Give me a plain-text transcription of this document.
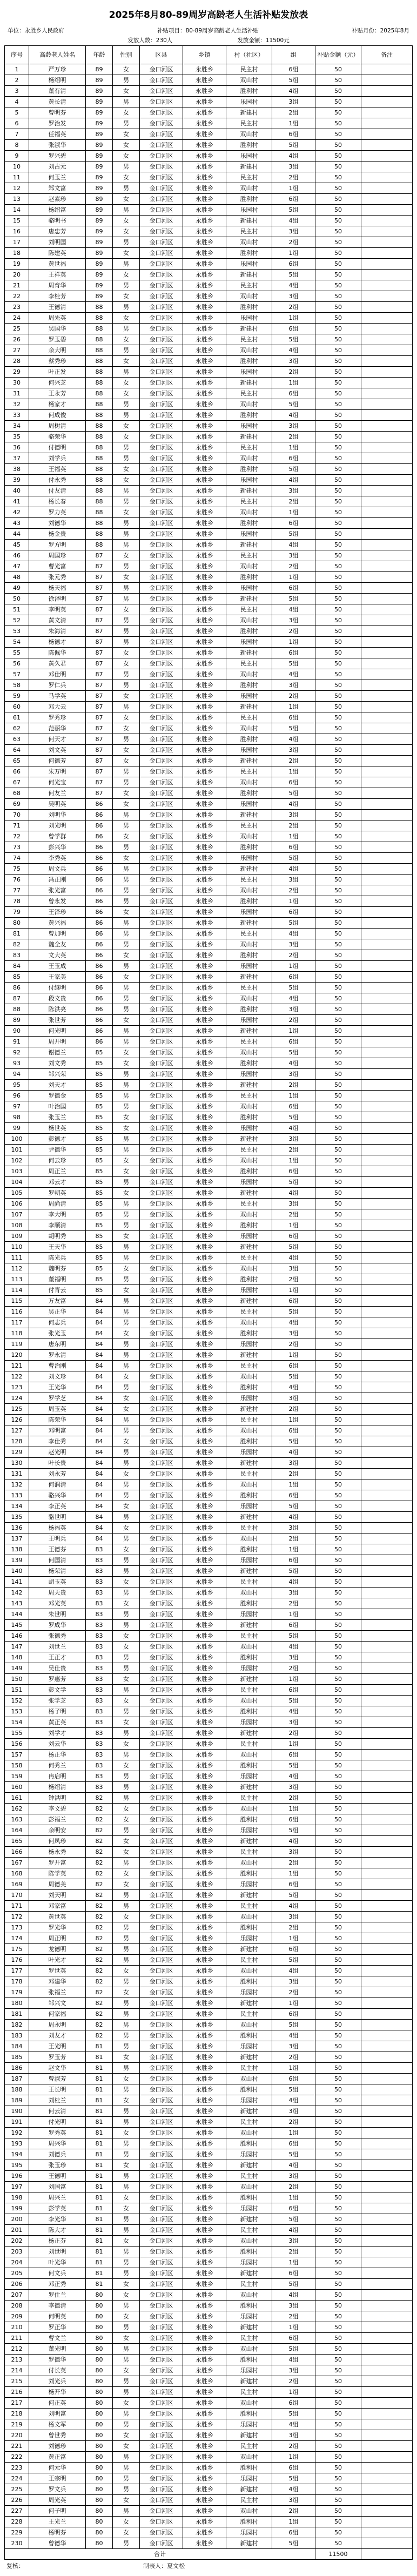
2025年8月80-89周岁高龄老人生活补贴发放表
单位：永胜乡人民政府	补贴项目：80-89周岁高龄老人生活补贴	补贴月份：2025年8月
发放人数：230人	发放金额：11500元
序号	高龄老人姓名	年龄	性别	区县	乡镇	村（社区）	组	补贴金额（元）	备注
1	严万珍	89	女	金口河区	永胜乡	民主村	6组	50
2	杨绍明	89	男	金口河区	永胜乡	双山村	5组	50
3	董有清	89	女	金口河区	永胜乡	胜利村	4组	50
4	黄长清	89	男	金口河区	永胜乡	乐园村	3组	50
5	曾明芬	89	女	金口河区	永胜乡	新建村	2组	50
6	罗治发	89	男	金口河区	永胜乡	民主村	1组	50
7	任福英	89	女	金口河区	永胜乡	双山村	6组	50
8	张淑华	89	女	金口河区	永胜乡	胜利村	5组	50
9	罗兴碧	89	女	金口河区	永胜乡	乐园村	4组	50
10	刘占元	89	男	金口河区	永胜乡	新建村	3组	50
11	何玉兰	89	女	金口河区	永胜乡	民主村	2组	50
12	郑文富	89	男	金口河区	永胜乡	双山村	1组	50
13	赵素珍	89	女	金口河区	永胜乡	胜利村	6组	50
14	杨绍富	89	男	金口河区	永胜乡	乐园村	5组	50
15	骆明书	89	女	金口河区	永胜乡	新建村	4组	50
16	唐忠芳	89	女	金口河区	永胜乡	民主村	3组	50
17	刘明国	89	男	金口河区	永胜乡	双山村	2组	50
18	陈建英	89	女	金口河区	永胜乡	胜利村	1组	50
19	黄世福	89	男	金口河区	永胜乡	乐园村	6组	50
20	王祥英	89	女	金口河区	永胜乡	新建村	5组	50
21	周育华	89	男	金口河区	永胜乡	民主村	4组	50
22	李桂芳	89	女	金口河区	永胜乡	双山村	3组	50
23	王德清	88	男	金口河区	永胜乡	胜利村	2组	50
24	周先英	88	女	金口河区	永胜乡	乐园村	1组	50
25	吴国华	88	男	金口河区	永胜乡	新建村	6组	50
26	罗玉碧	88	女	金口河区	永胜乡	民主村	5组	50
27	余大明	88	男	金口河区	永胜乡	双山村	4组	50
28	蔡秀珍	88	女	金口河区	永胜乡	胜利村	3组	50
29	叶正发	88	男	金口河区	永胜乡	乐园村	2组	50
30	何兴芝	88	女	金口河区	永胜乡	新建村	1组	50
31	王永芳	88	女	金口河区	永胜乡	民主村	6组	50
32	杨家才	88	男	金口河区	永胜乡	双山村	5组	50
33	何成俊	88	男	金口河区	永胜乡	胜利村	4组	50
34	周树清	88	女	金口河区	永胜乡	乐园村	3组	50
35	骆荣华	88	女	金口河区	永胜乡	新建村	2组	50
36	付德明	88	男	金口河区	永胜乡	民主村	1组	50
37	刘学兵	88	男	金口河区	永胜乡	双山村	6组	50
38	王福英	88	女	金口河区	永胜乡	胜利村	5组	50
39	付永秀	88	女	金口河区	永胜乡	乐园村	4组	50
40	付友清	88	男	金口河区	永胜乡	新建村	3组	50
41	杨长春	88	男	金口河区	永胜乡	民主村	2组	50
42	罗力英	88	女	金口河区	永胜乡	双山村	1组	50
43	刘德华	88	男	金口河区	永胜乡	胜利村	6组	50
44	杨金贵	88	男	金口河区	永胜乡	乐园村	5组	50
45	罗方明	88	男	金口河区	永胜乡	新建村	4组	50
46	周国珍	87	女	金口河区	永胜乡	民主村	3组	50
47	曹光富	87	男	金口河区	永胜乡	双山村	2组	50
48	张元秀	87	女	金口河区	永胜乡	胜利村	1组	50
49	杨天福	87	男	金口河区	永胜乡	乐园村	6组	50
50	徐泽明	87	男	金口河区	永胜乡	新建村	5组	50
51	李明英	87	女	金口河区	永胜乡	民主村	4组	50
52	黄文清	87	男	金口河区	永胜乡	双山村	3组	50
53	朱海清	87	男	金口河区	永胜乡	胜利村	2组	50
54	杨德才	87	男	金口河区	永胜乡	乐园村	1组	50
55	陈佩华	87	女	金口河区	永胜乡	新建村	6组	50
56	黄久君	87	女	金口河区	永胜乡	民主村	5组	50
57	邓仕明	87	男	金口河区	永胜乡	双山村	4组	50
58	罗仁兵	87	男	金口河区	永胜乡	胜利村	3组	50
59	马学英	87	女	金口河区	永胜乡	乐园村	2组	50
60	邓大云	87	男	金口河区	永胜乡	新建村	1组	50
61	罗秀珍	87	女	金口河区	永胜乡	民主村	6组	50
62	范丽华	87	女	金口河区	永胜乡	双山村	5组	50
63	何天才	87	男	金口河区	永胜乡	胜利村	4组	50
64	刘文英	87	女	金口河区	永胜乡	乐园村	3组	50
65	何德芳	87	女	金口河区	永胜乡	新建村	2组	50
66	朱万明	87	男	金口河区	永胜乡	民主村	1组	50
67	何光宝	87	男	金口河区	永胜乡	双山村	6组	50
68	何友兰	87	女	金口河区	永胜乡	胜利村	5组	50
69	吴明英	86	女	金口河区	永胜乡	乐园村	4组	50
70	刘明华	86	男	金口河区	永胜乡	新建村	3组	50
71	刘光明	86	男	金口河区	永胜乡	民主村	2组	50
72	曾学群	86	女	金口河区	永胜乡	双山村	1组	50
73	彭兴华	86	男	金口河区	永胜乡	胜利村	6组	50
74	李秀英	86	女	金口河区	永胜乡	乐园村	5组	50
75	周文兵	86	男	金口河区	永胜乡	新建村	4组	50
76	冯正刚	86	男	金口河区	永胜乡	民主村	3组	50
77	张光富	86	男	金口河区	永胜乡	双山村	2组	50
78	曾永发	86	男	金口河区	永胜乡	胜利村	1组	50
79	王泽珍	86	女	金口河区	永胜乡	乐园村	6组	50
80	黄兴福	86	男	金口河区	永胜乡	新建村	5组	50
81	曾加明	86	男	金口河区	永胜乡	民主村	4组	50
82	魏全友	86	男	金口河区	永胜乡	双山村	3组	50
83	文大英	86	女	金口河区	永胜乡	胜利村	2组	50
84	王玉成	86	男	金口河区	永胜乡	乐园村	1组	50
85	王家美	86	女	金口河区	永胜乡	新建村	6组	50
86	付继明	86	男	金口河区	永胜乡	民主村	5组	50
87	段文贵	86	男	金口河区	永胜乡	双山村	4组	50
88	陈洪亮	86	男	金口河区	永胜乡	胜利村	3组	50
89	张世芳	86	女	金口河区	永胜乡	乐园村	2组	50
90	何光明	86	男	金口河区	永胜乡	新建村	1组	50
91	周开明	86	男	金口河区	永胜乡	民主村	6组	50
92	谢德兰	85	女	金口河区	永胜乡	双山村	5组	50
93	刘文秀	85	女	金口河区	永胜乡	胜利村	4组	50
94	邹兴荣	85	男	金口河区	永胜乡	乐园村	3组	50
95	刘天才	85	男	金口河区	永胜乡	新建村	2组	50
96	罗德金	85	男	金口河区	永胜乡	民主村	1组	50
97	叶治国	85	男	金口河区	永胜乡	双山村	6组	50
98	张玉兰	85	女	金口河区	永胜乡	胜利村	5组	50
99	杨世英	85	女	金口河区	永胜乡	乐园村	4组	50
100	彭德才	85	男	金口河区	永胜乡	新建村	3组	50
101	尹德华	85	男	金口河区	永胜乡	民主村	2组	50
102	何云珍	85	女	金口河区	永胜乡	双山村	1组	50
103	周正兰	85	女	金口河区	永胜乡	胜利村	6组	50
104	邓云才	85	男	金口河区	永胜乡	乐园村	5组	50
105	罗朝英	85	女	金口河区	永胜乡	新建村	4组	50
106	周尚清	85	男	金口河区	永胜乡	民主村	3组	50
107	李大明	85	男	金口河区	永胜乡	双山村	2组	50
108	李顺清	85	男	金口河区	永胜乡	胜利村	1组	50
109	胡明秀	85	女	金口河区	永胜乡	乐园村	6组	50
110	王天华	85	男	金口河区	永胜乡	新建村	5组	50
111	陈光兵	85	男	金口河区	永胜乡	民主村	4组	50
112	魏明芬	85	女	金口河区	永胜乡	双山村	3组	50
113	董福明	85	男	金口河区	永胜乡	胜利村	2组	50
114	付青云	85	女	金口河区	永胜乡	乐园村	1组	50
115	万友富	84	男	金口河区	永胜乡	新建村	6组	50
116	吴正华	84	男	金口河区	永胜乡	民主村	5组	50
117	何志兵	84	男	金口河区	永胜乡	双山村	4组	50
118	张光玉	84	女	金口河区	永胜乡	胜利村	3组	50
119	唐东明	84	男	金口河区	永胜乡	乐园村	2组	50
120	罗永清	84	男	金口河区	永胜乡	新建村	1组	50
121	曹治刚	84	男	金口河区	永胜乡	民主村	6组	50
122	刘文珍	84	女	金口河区	永胜乡	双山村	5组	50
123	王光华	84	男	金口河区	永胜乡	胜利村	4组	50
124	罗学芝	84	女	金口河区	永胜乡	乐园村	3组	50
125	周玉英	84	女	金口河区	永胜乡	新建村	2组	50
126	陈荣华	84	男	金口河区	永胜乡	民主村	1组	50
127	邓明富	84	男	金口河区	永胜乡	双山村	6组	50
128	李仕秀	84	女	金口河区	永胜乡	胜利村	5组	50
129	赵光明	84	男	金口河区	永胜乡	乐园村	4组	50
130	叶长贵	84	男	金口河区	永胜乡	新建村	3组	50
131	刘永芳	84	女	金口河区	永胜乡	民主村	2组	50
132	何润清	84	男	金口河区	永胜乡	双山村	1组	50
133	骆兴华	84	男	金口河区	永胜乡	胜利村	6组	50
134	李正英	84	女	金口河区	永胜乡	乐园村	5组	50
135	骆世明	84	男	金口河区	永胜乡	新建村	4组	50
136	杨福英	84	女	金口河区	永胜乡	民主村	3组	50
137	王明兵	84	男	金口河区	永胜乡	双山村	2组	50
138	王德芬	83	女	金口河区	永胜乡	胜利村	1组	50
139	何国清	83	男	金口河区	永胜乡	乐园村	6组	50
140	杨荣清	83	男	金口河区	永胜乡	新建村	5组	50
141	胡玉英	83	女	金口河区	永胜乡	民主村	4组	50
142	周天贵	83	男	金口河区	永胜乡	双山村	3组	50
143	邓光英	83	女	金口河区	永胜乡	胜利村	2组	50
144	朱世明	83	男	金口河区	永胜乡	乐园村	1组	50
145	罗成华	83	男	金口河区	永胜乡	新建村	6组	50
146	张德秀	83	女	金口河区	永胜乡	民主村	5组	50
147	刘世兰	83	女	金口河区	永胜乡	双山村	4组	50
148	王正才	83	男	金口河区	永胜乡	胜利村	3组	50
149	吴仕贵	83	男	金口河区	永胜乡	乐园村	2组	50
150	罗惠芳	83	女	金口河区	永胜乡	新建村	1组	50
151	彭文学	83	男	金口河区	永胜乡	民主村	6组	50
152	张学芝	83	女	金口河区	永胜乡	双山村	5组	50
153	杨子明	83	男	金口河区	永胜乡	胜利村	4组	50
154	黄正英	83	女	金口河区	永胜乡	乐园村	3组	50
155	刘学才	83	男	金口河区	永胜乡	新建村	2组	50
156	刘云华	83	女	金口河区	永胜乡	民主村	1组	50
157	杨正华	83	男	金口河区	永胜乡	双山村	6组	50
158	何秀兰	83	女	金口河区	永胜乡	胜利村	5组	50
159	冉启明	83	男	金口河区	永胜乡	乐园村	4组	50
160	杨绍清	83	男	金口河区	永胜乡	新建村	3组	50
161	钟洪明	82	男	金口河区	永胜乡	民主村	2组	50
162	李文碧	82	女	金口河区	永胜乡	双山村	1组	50
163	彭福兰	82	女	金口河区	永胜乡	胜利村	6组	50
164	余明安	82	男	金口河区	永胜乡	乐园村	5组	50
165	何凤珍	82	女	金口河区	永胜乡	新建村	4组	50
166	杨永秀	82	女	金口河区	永胜乡	民主村	3组	50
167	罗开富	82	男	金口河区	永胜乡	双山村	2组	50
168	陈学英	82	女	金口河区	永胜乡	胜利村	1组	50
169	周德美	82	女	金口河区	永胜乡	乐园村	6组	50
170	刘天明	82	男	金口河区	永胜乡	新建村	5组	50
171	邓家富	82	男	金口河区	永胜乡	民主村	4组	50
172	黄世英	82	女	金口河区	永胜乡	双山村	3组	50
173	罗光华	82	男	金口河区	永胜乡	胜利村	2组	50
174	周正明	82	男	金口河区	永胜乡	乐园村	1组	50
175	龙德明	82	男	金口河区	永胜乡	新建村	6组	50
176	叶光才	82	男	金口河区	永胜乡	民主村	5组	50
177	罗世英	82	女	金口河区	永胜乡	双山村	4组	50
178	邓建华	82	男	金口河区	永胜乡	胜利村	3组	50
179	张福兰	82	女	金口河区	永胜乡	乐园村	2组	50
180	邹兴文	82	男	金口河区	永胜乡	新建村	1组	50
181	何家福	82	男	金口河区	永胜乡	民主村	6组	50
182	周永明	82	男	金口河区	永胜乡	双山村	5组	50
183	刘友才	82	男	金口河区	永胜乡	胜利村	4组	50
184	王光明	81	男	金口河区	永胜乡	乐园村	3组	50
185	罗玉芳	81	女	金口河区	永胜乡	新建村	2组	50
186	赵文华	81	男	金口河区	永胜乡	民主村	1组	50
187	曾淑芳	81	女	金口河区	永胜乡	双山村	6组	50
188	王长明	81	男	金口河区	永胜乡	胜利村	5组	50
189	刘桂兰	81	女	金口河区	永胜乡	乐园村	4组	50
190	何云清	81	男	金口河区	永胜乡	新建村	3组	50
191	付光明	81	男	金口河区	永胜乡	民主村	2组	50
192	罗秀英	81	女	金口河区	永胜乡	双山村	1组	50
193	周兴华	81	男	金口河区	永胜乡	胜利村	6组	50
194	刘德兵	81	男	金口河区	永胜乡	乐园村	5组	50
195	张玉珍	81	女	金口河区	永胜乡	新建村	4组	50
196	王德明	81	男	金口河区	永胜乡	民主村	3组	50
197	刘国富	81	男	金口河区	永胜乡	双山村	2组	50
198	周兴兰	81	女	金口河区	永胜乡	胜利村	1组	50
199	彭学英	81	女	金口河区	永胜乡	乐园村	6组	50
200	李光华	81	男	金口河区	永胜乡	新建村	5组	50
201	陈大才	81	男	金口河区	永胜乡	民主村	4组	50
202	杨正芬	81	女	金口河区	永胜乡	双山村	3组	50
203	刘世明	81	男	金口河区	永胜乡	胜利村	2组	50
204	叶光华	81	男	金口河区	永胜乡	乐园村	1组	50
205	何文兵	81	男	金口河区	永胜乡	新建村	6组	50
206	邓正秀	81	女	金口河区	永胜乡	民主村	5组	50
207	罗仕兰	80	女	金口河区	永胜乡	双山村	4组	50
208	李德清	80	男	金口河区	永胜乡	胜利村	3组	50
209	何明英	80	女	金口河区	永胜乡	乐园村	2组	50
210	罗正华	80	男	金口河区	永胜乡	新建村	1组	50
211	曹文兰	80	女	金口河区	永胜乡	民主村	6组	50
212	董光明	80	男	金口河区	永胜乡	双山村	5组	50
213	罗德华	80	男	金口河区	永胜乡	胜利村	4组	50
214	付长英	80	女	金口河区	永胜乡	乐园村	3组	50
215	刘光兵	80	男	金口河区	永胜乡	新建村	2组	50
216	杨开华	80	男	金口河区	永胜乡	民主村	1组	50
217	何正英	80	女	金口河区	永胜乡	双山村	6组	50
218	刘明富	80	男	金口河区	永胜乡	胜利村	5组	50
219	杨文军	80	男	金口河区	永胜乡	乐园村	4组	50
220	曾世秀	80	女	金口河区	永胜乡	新建村	3组	50
221	刘德珍	80	女	金口河区	永胜乡	民主村	2组	50
222	黄正富	80	男	金口河区	永胜乡	双山村	1组	50
223	何元华	80	男	金口河区	永胜乡	胜利村	6组	50
224	王宗明	80	男	金口河区	永胜乡	乐园村	5组	50
225	罗文兵	80	男	金口河区	永胜乡	新建村	4组	50
226	周光英	80	女	金口河区	永胜乡	民主村	3组	50
227	何子明	80	男	金口河区	永胜乡	双山村	2组	50
228	王光兰	80	女	金口河区	永胜乡	胜利村	1组	50
229	杨明芬	80	女	金口河区	永胜乡	乐园村	6组	50
230	曾德华	80	男	金口河区	永胜乡	新建村	5组	50
合计	11500
复核：	制表人：夏文松
